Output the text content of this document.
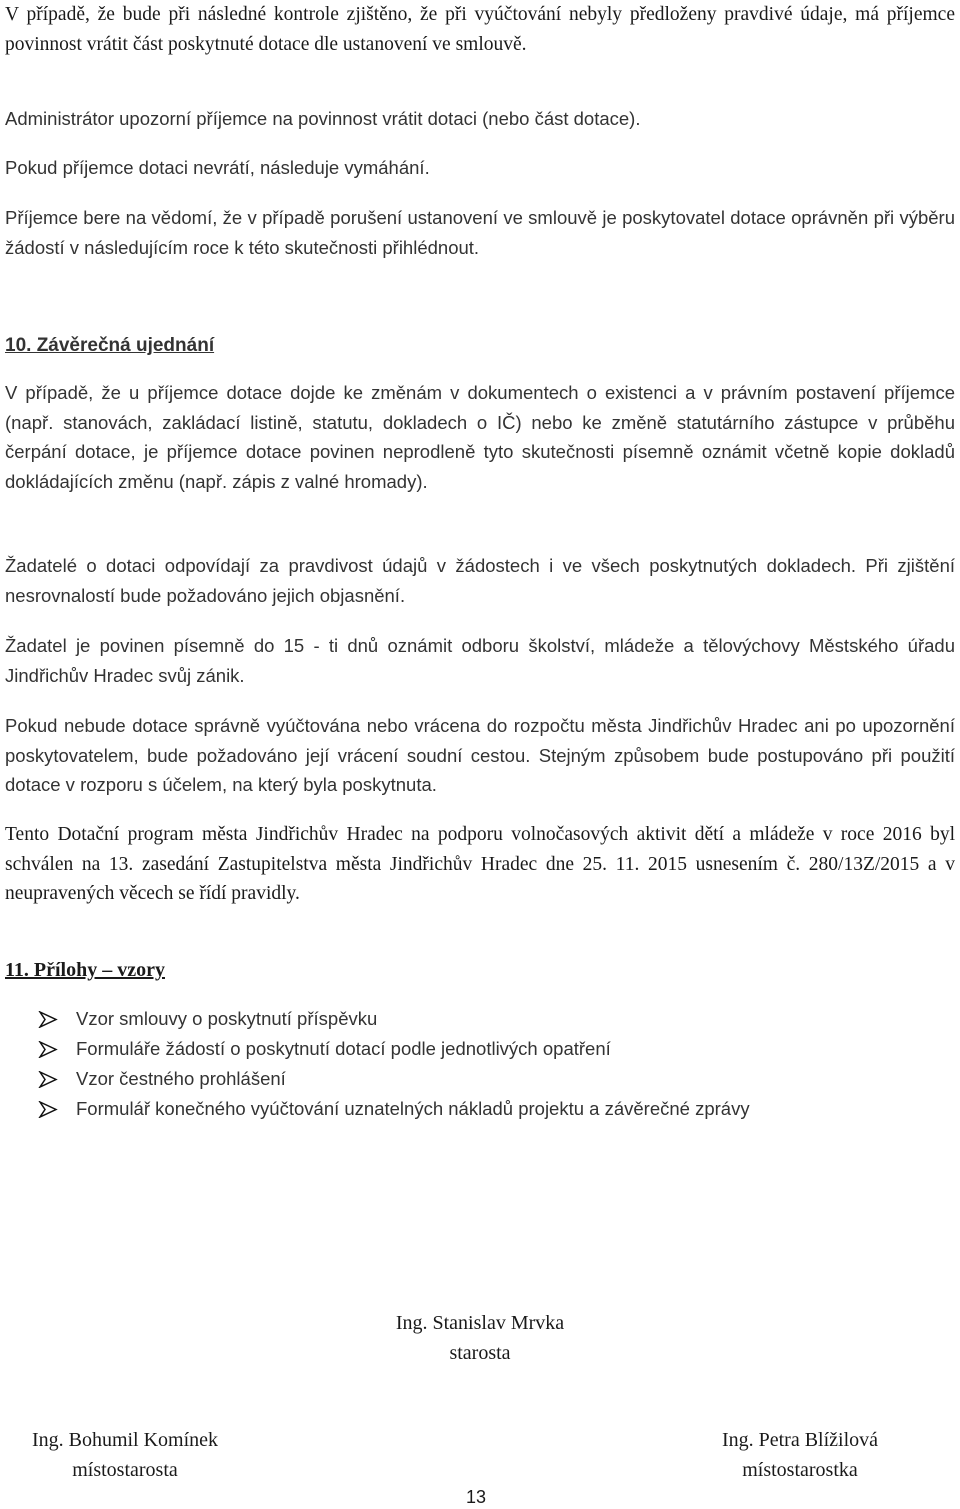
V případě, že bude při následné kontrole zjištěno, že při vyúčtování nebyly předloženy pravdivé údaje, má příjemce povinnost vrátit část poskytnuté dotace dle ustanovení ve smlouvě.

Administrátor upozorní příjemce na povinnost vrátit dotaci (nebo část dotace).

Pokud příjemce dotaci nevrátí, následuje vymáhání.

Příjemce bere na vědomí, že v případě porušení ustanovení ve smlouvě je poskytovatel dotace oprávněn při výběru žádostí v následujícím roce k této skutečnosti přihlédnout.

10. Závěrečná ujednání

V případě, že u příjemce dotace dojde ke změnám v dokumentech o existenci a v právním postavení příjemce (např. stanovách, zakládací listině, statutu, dokladech o IČ) nebo ke změně statutárního zástupce v průběhu čerpání dotace, je příjemce dotace povinen neprodleně tyto skutečnosti písemně oznámit včetně kopie dokladů dokládajících změnu (např. zápis z valné hromady).

Žadatelé o dotaci odpovídají za pravdivost údajů v žádostech i ve všech poskytnutých dokladech. Při zjištění nesrovnalostí bude požadováno jejich objasnění.

Žadatel je povinen písemně do 15 - ti dnů oznámit odboru školství, mládeže a tělovýchovy Městského úřadu Jindřichův Hradec svůj zánik.

Pokud nebude dotace správně vyúčtována nebo vrácena do rozpočtu města Jindřichův Hradec ani po upozornění poskytovatelem, bude požadováno její vrácení soudní cestou. Stejným způsobem bude postupováno při použití dotace v rozporu s účelem, na který byla poskytnuta.

Tento Dotační program města Jindřichův Hradec na podporu volnočasových aktivit dětí a mládeže v roce 2016 byl schválen na 13. zasedání Zastupitelstva města Jindřichův Hradec dne 25. 11. 2015 usnesením č. 280/13Z/2015 a v neupravených věcech se řídí pravidly.

11. Přílohy – vzory
Vzor smlouvy o poskytnutí příspěvku
Formuláře žádostí o poskytnutí dotací podle jednotlivých opatření
Vzor čestného prohlášení
Formulář konečného vyúčtování uznatelných nákladů projektu a závěrečné zprávy
Ing. Stanislav Mrvka
starosta
Ing. Bohumil Komínek
místostarosta
Ing. Petra Blížilová
místostarostka
13
